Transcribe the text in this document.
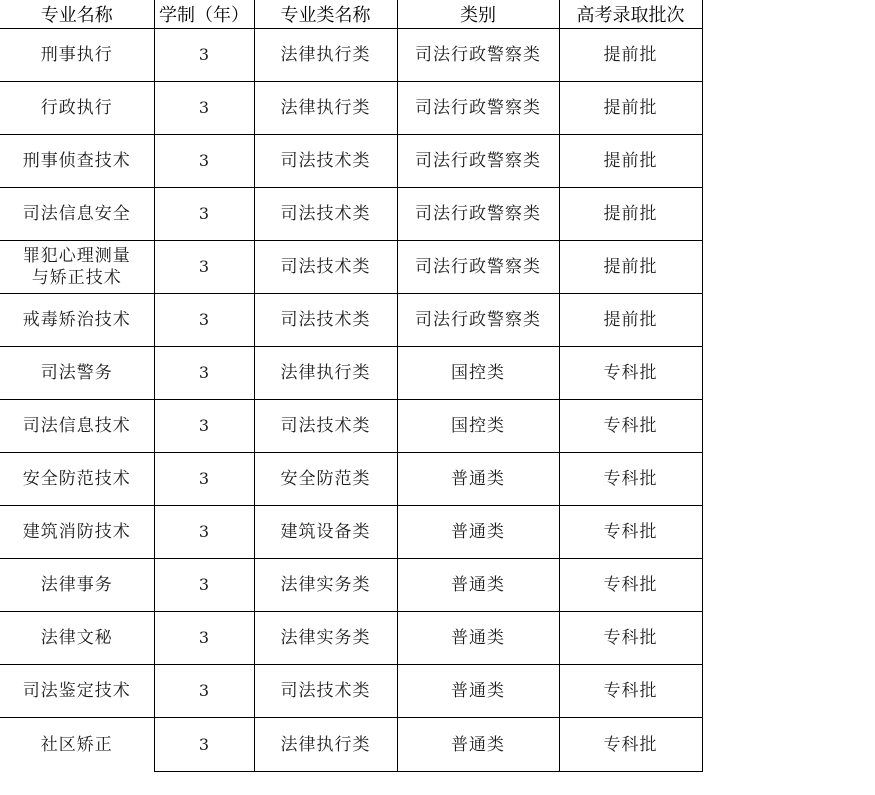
专业名称	学制（年）	专业类名称	类别	高考录取批次
刑事执行	3	法律执行类	司法行政警察类	提前批
行政执行	3	法律执行类	司法行政警察类	提前批
刑事侦查技术	3	司法技术类	司法行政警察类	提前批
司法信息安全	3	司法技术类	司法行政警察类	提前批
罪犯心理测量与矫正技术	3	司法技术类	司法行政警察类	提前批
戒毒矫治技术	3	司法技术类	司法行政警察类	提前批
司法警务	3	法律执行类	国控类	专科批
司法信息技术	3	司法技术类	国控类	专科批
安全防范技术	3	安全防范类	普通类	专科批
建筑消防技术	3	建筑设备类	普通类	专科批
法律事务	3	法律实务类	普通类	专科批
法律文秘	3	法律实务类	普通类	专科批
司法鉴定技术	3	司法技术类	普通类	专科批
社区矫正	3	法律执行类	普通类	专科批
